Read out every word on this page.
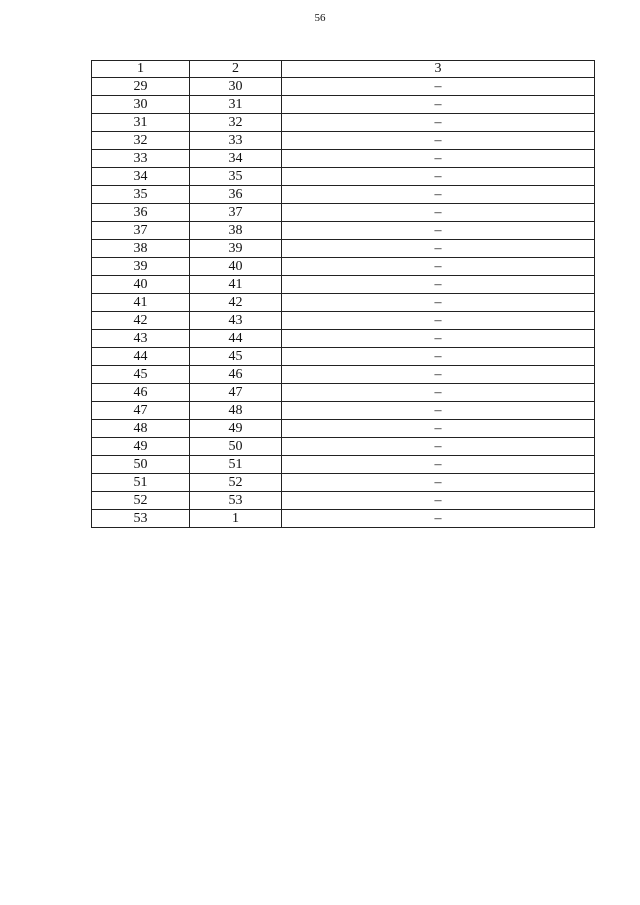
56
1	2	3
29	30	–
30	31	–
31	32	–
32	33	–
33	34	–
34	35	–
35	36	–
36	37	–
37	38	–
38	39	–
39	40	–
40	41	–
41	42	–
42	43	–
43	44	–
44	45	–
45	46	–
46	47	–
47	48	–
48	49	–
49	50	–
50	51	–
51	52	–
52	53	–
53	1	–
